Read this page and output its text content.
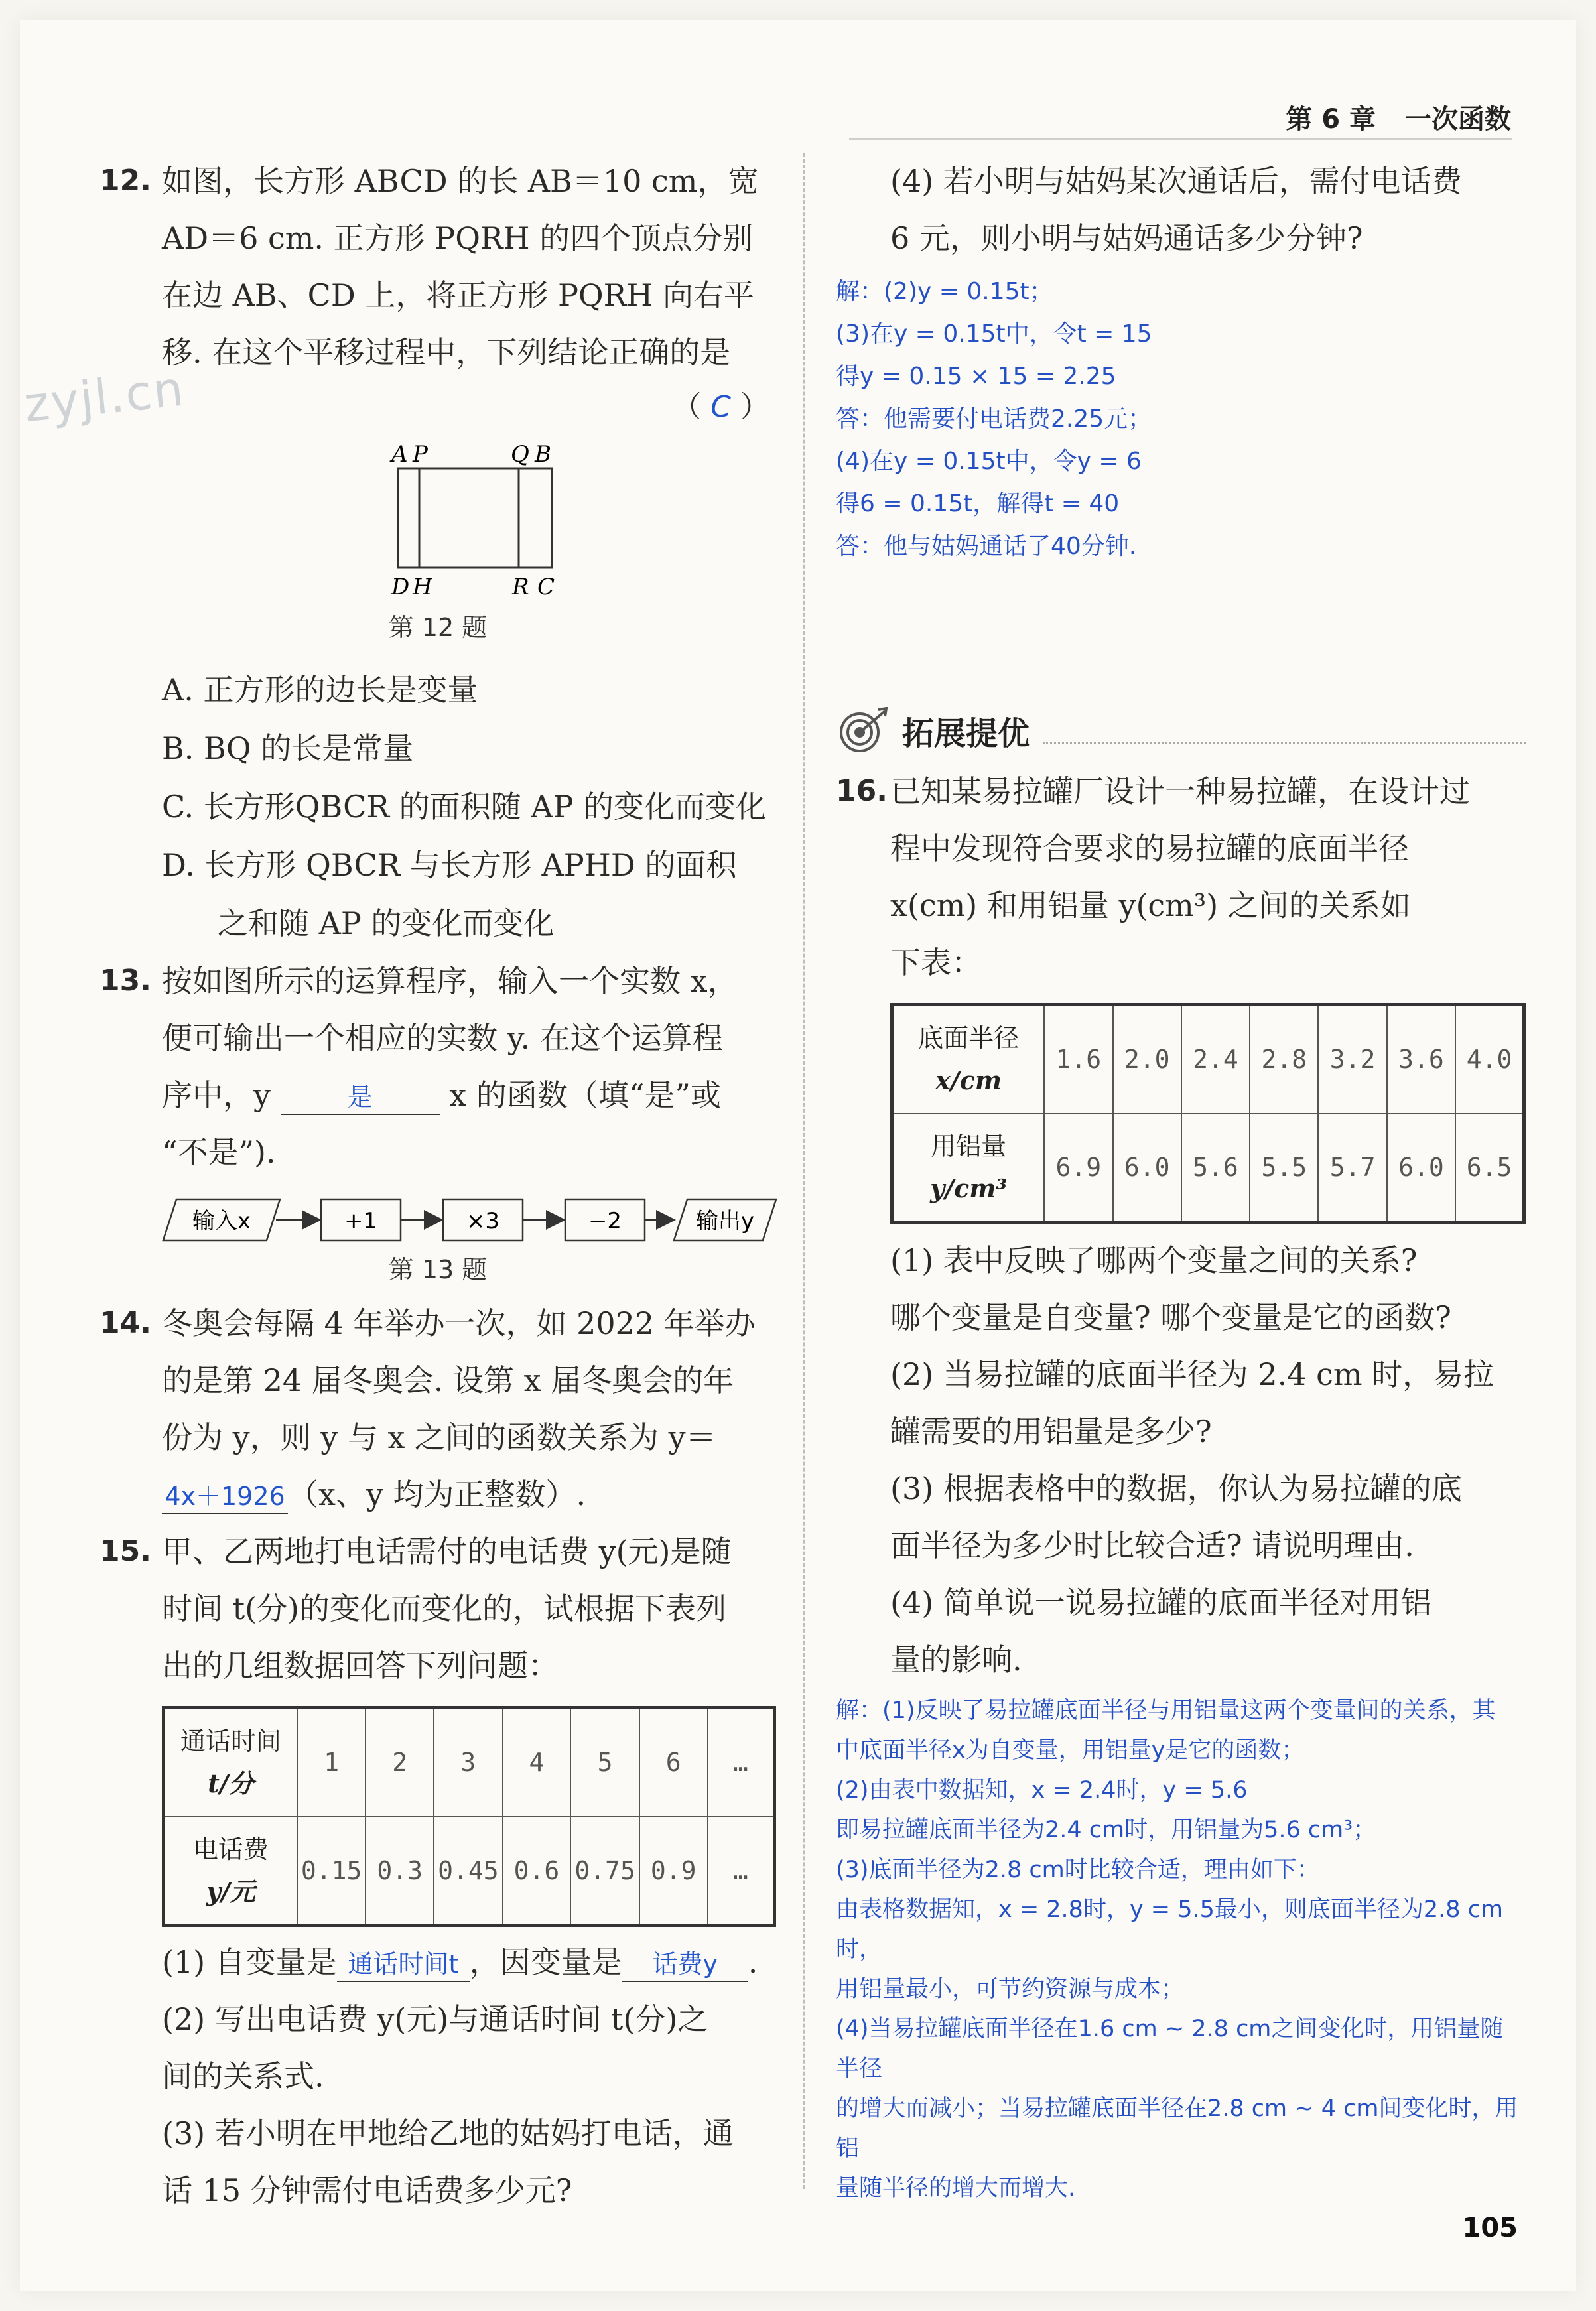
第 6 章 一次函数
zyjl.cn
12. 如图，长方形 ABCD 的长 AB＝10 cm，宽

AD＝6 cm. 正方形 PQRH 的四个顶点分别

在边 AB、CD 上，将正方形 PQRH 向右平

移. 在这个平移过程中，下列结论正确的是

（ C ）
A P	Q B
D H	R C
第 12 题
A. 正方形的边长是变量
B. BQ 的长是常量
C. 长方形QBCR 的面积随 AP 的变化而变化
D. 长方形 QBCR 与长方形 APHD 的面积
之和随 AP 的变化而变化
13. 按如图所示的运算程序，输入一个实数 x，

便可输出一个相应的实数 y. 在这个运算程

序中，y	是	x 的函数（填“是”或

“不是”).

输入x	+1	×3	−2	输出y
第 13 题
14. 冬奥会每隔 4 年举办一次，如 2022 年举办

的是第 24 届冬奥会. 设第 x 届冬奥会的年

份为 y，则 y 与 x 之间的函数关系为 y＝

4x＋1926（x、y 均为正整数）.

15. 甲、乙两地打电话需付的电话费 y(元)是随

时间 t(分)的变化而变化的，试根据下表列

出的几组数据回答下列问题：

通话时间
t/分	1	2	3	4	5	6	…

电话费
y/元	0.15	0.3	0.45	0.6	0.75	0.9	…
(1) 自变量是 通话时间t ，因变量是 话费y .

(2) 写出电话费 y(元)与通话时间 t(分)之

间的关系式.

(3) 若小明在甲地给乙地的姑妈打电话，通

话 15 分钟需付电话费多少元?

(4) 若小明与姑妈某次通话后，需付电话费

6 元，则小明与姑妈通话多少分钟?

解：(2)y = 0.15t；
(3)在y = 0.15t中，令t = 15
得y = 0.15 × 15 = 2.25
答：他需要付电话费2.25元；
(4)在y = 0.15t中，令y = 6
得6 = 0.15t，解得t = 40
答：他与姑妈通话了40分钟.
拓展提优
16. 已知某易拉罐厂设计一种易拉罐，在设计过

程中发现符合要求的易拉罐的底面半径

x(cm) 和用铝量 y(cm³) 之间的关系如

下表：

底面半径
x/cm	1.6	2.0	2.4	2.8	3.2	3.6	4.0

用铝量
y/cm³	6.9	6.0	5.6	5.5	5.7	6.0	6.5

(1) 表中反映了哪两个变量之间的关系?

哪个变量是自变量? 哪个变量是它的函数?

(2) 当易拉罐的底面半径为 2.4 cm 时，易拉

罐需要的用铝量是多少?

(3) 根据表格中的数据，你认为易拉罐的底

面半径为多少时比较合适? 请说明理由.

(4) 简单说一说易拉罐的底面半径对用铝

量的影响.

解：(1)反映了易拉罐底面半径与用铝量这两个变量间的关系，其
中底面半径x为自变量，用铝量y是它的函数；
(2)由表中数据知，x = 2.4时，y = 5.6
即易拉罐底面半径为2.4 cm时，用铝量为5.6 cm³；
(3)底面半径为2.8 cm时比较合适，理由如下：
由表格数据知，x = 2.8时，y = 5.5最小，则底面半径为2.8 cm时，
用铝量最小，可节约资源与成本；
(4)当易拉罐底面半径在1.6 cm ~ 2.8 cm之间变化时，用铝量随半径
的增大而减小；当易拉罐底面半径在2.8 cm ~ 4 cm间变化时，用铝
量随半径的增大而增大.
105
